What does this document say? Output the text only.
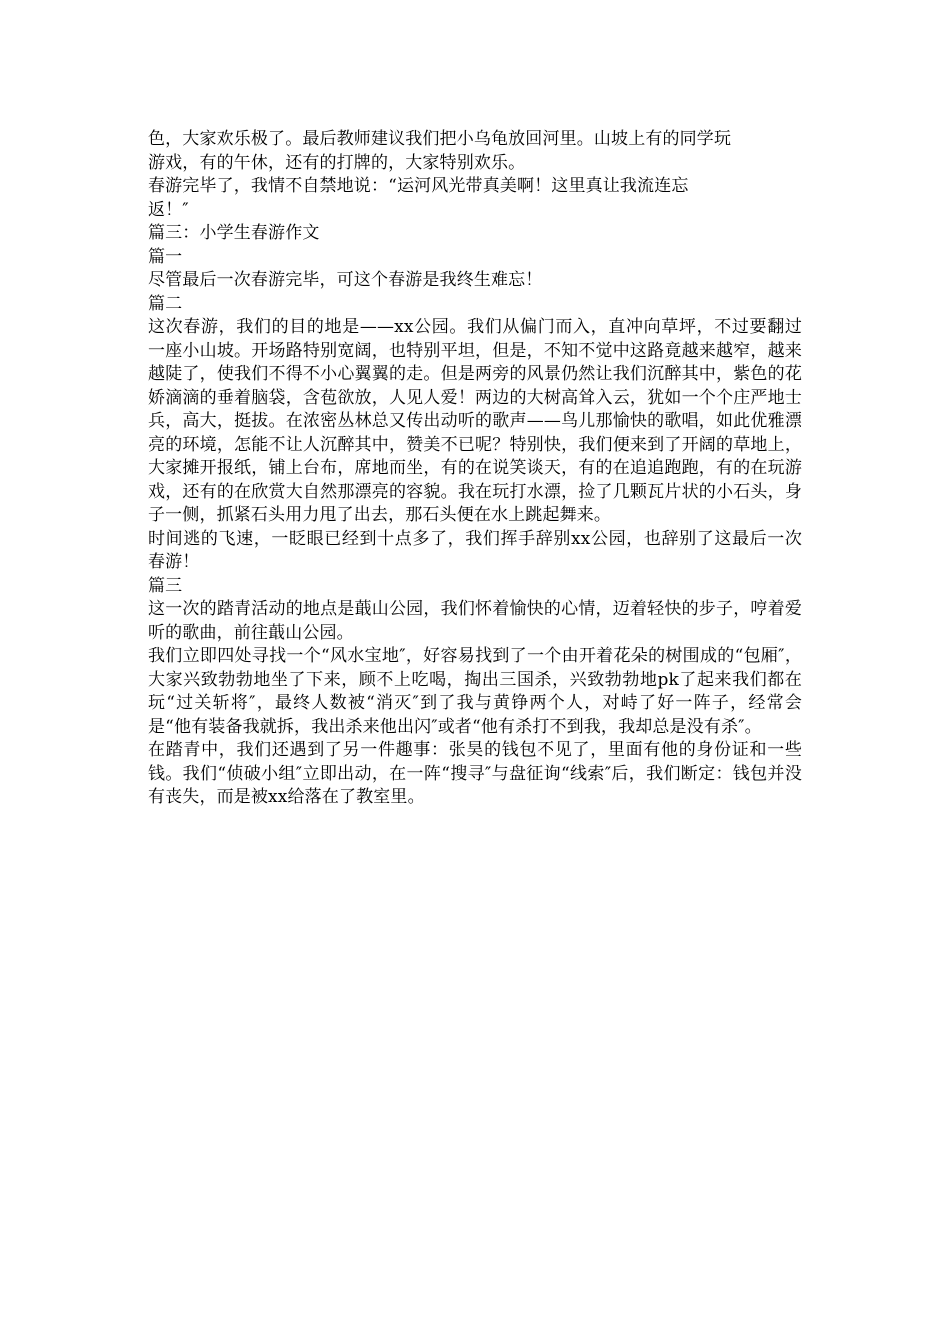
色，大家欢乐极了。最后教师建议我们把小乌龟放回河里。山坡上有的同学玩
游戏，有的午休，还有的打牌的，大家特别欢乐。

春游完毕了，我情不自禁地说：“运河风光带真美啊！这里真让我流连忘
返！″

篇三：小学生春游作文

篇一

尽管最后一次春游完毕，可这个春游是我终生难忘！

篇二

这次春游，我们的目的地是——xx公园。我们从偏门而入，直冲向草坪，不过要翻过一座小山坡。开场路特别宽阔，也特别平坦，但是，不知不觉中这路竟越来越窄，越来越陡了，使我们不得不小心翼翼的走。但是两旁的风景仍然让我们沉醉其中，紫色的花娇滴滴的垂着脑袋，含苞欲放，人见人爱！两边的大树高耸入云，犹如一个个庄严地士兵，高大，挺拔。在浓密丛林总又传出动听的歌声——鸟儿那愉快的歌唱，如此优雅漂亮的环境，怎能不让人沉醉其中，赞美不已呢？特别快，我们便来到了开阔的草地上，大家摊开报纸，铺上台布，席地而坐，有的在说笑谈天，有的在追追跑跑，有的在玩游戏，还有的在欣赏大自然那漂亮的容貌。我在玩打水漂，捡了几颗瓦片状的小石头，身子一侧，抓紧石头用力甩了出去，那石头便在水上跳起舞来。

时间逃的飞速，一眨眼已经到十点多了，我们挥手辞别xx公园，也辞别了这最后一次春游！

篇三

这一次的踏青活动的地点是蕺山公园，我们怀着愉快的心情，迈着轻快的步子，哼着爱听的歌曲，前往蕺山公园。

我们立即四处寻找一个“风水宝地″，好容易找到了一个由开着花朵的树围成的“包厢″，大家兴致勃勃地坐了下来，顾不上吃喝，掏出三国杀，兴致勃勃地pk了起来我们都在玩“过关斩将″，最终人数被“消灭″到了我与黄铮两个人，对峙了好一阵子，经常会是“他有装备我就拆，我出杀来他出闪″或者“他有杀打不到我，我却总是没有杀″。

在踏青中，我们还遇到了另一件趣事：张昊的钱包不见了，里面有他的身份证和一些钱。我们“侦破小组″立即出动，在一阵“搜寻″与盘征询“线索″后，我们断定：钱包并没有丧失，而是被xx给落在了教室里。
